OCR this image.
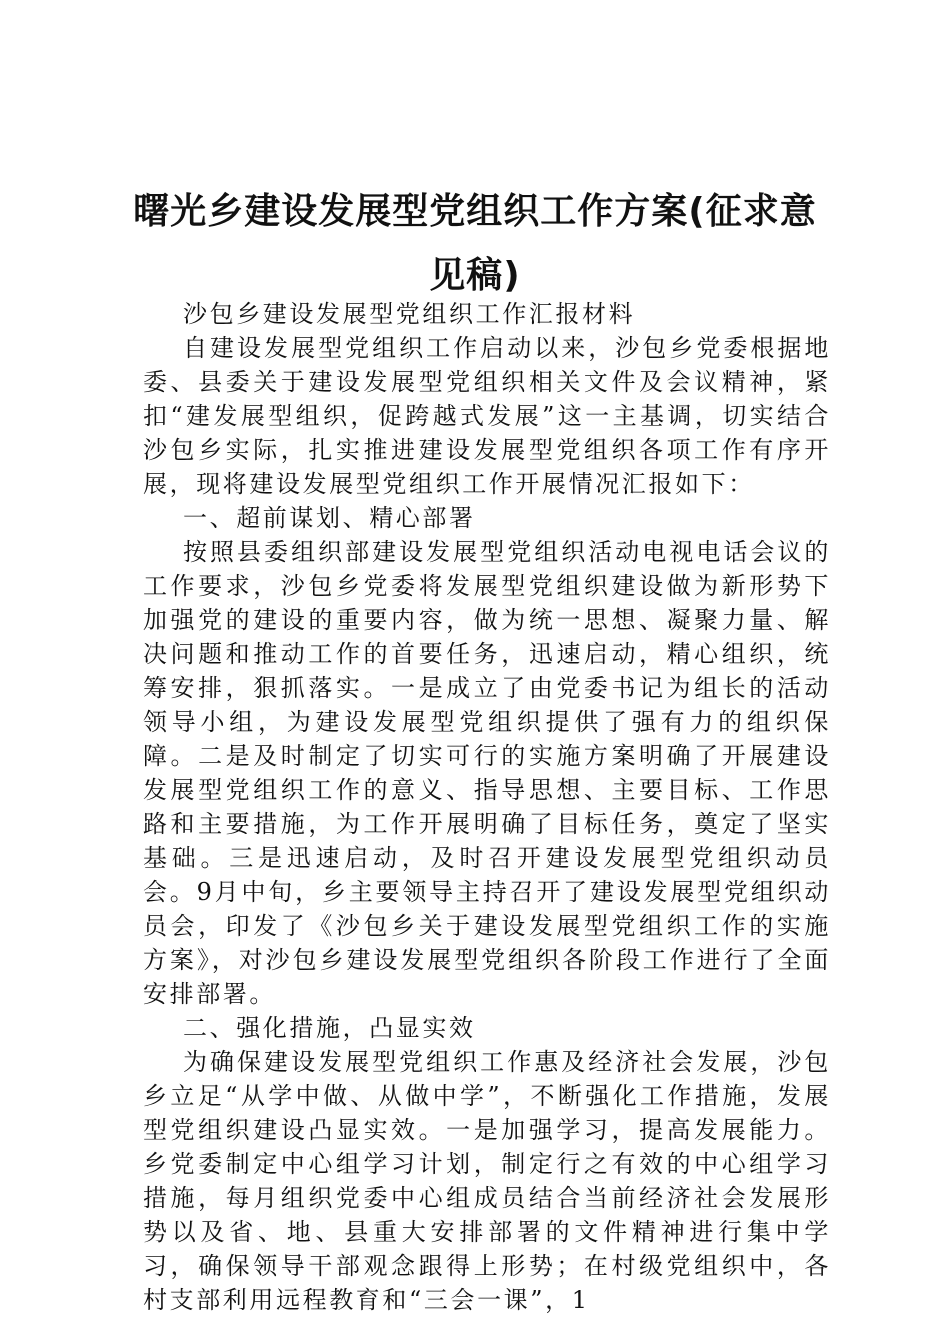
曙光乡建设发展型党组织工作方案(征求意见稿)

沙包乡建设发展型党组织工作汇报材料

自建设发展型党组织工作启动以来，沙包乡党委根据地委、县委关于建设发展型党组织相关文件及会议精神，紧扣“建发展型组织，促跨越式发展”这一主基调，切实结合沙包乡实际，扎实推进建设发展型党组织各项工作有序开展，现将建设发展型党组织工作开展情况汇报如下：

一、超前谋划、精心部署

按照县委组织部建设发展型党组织活动电视电话会议的工作要求，沙包乡党委将发展型党组织建设做为新形势下加强党的建设的重要内容，做为统一思想、凝聚力量、解决问题和推动工作的首要任务，迅速启动，精心组织，统筹安排，狠抓落实。一是成立了由党委书记为组长的活动领导小组，为建设发展型党组织提供了强有力的组织保障。二是及时制定了切实可行的实施方案明确了开展建设发展型党组织工作的意义、指导思想、主要目标、工作思路和主要措施，为工作开展明确了目标任务，奠定了坚实基础。三是迅速启动，及时召开建设发展型党组织动员会。9月中旬，乡主要领导主持召开了建设发展型党组织动员会，印发了《沙包乡关于建设发展型党组织工作的实施方案》，对沙包乡建设发展型党组织各阶段工作进行了全面安排部署。

二、强化措施，凸显实效

为确保建设发展型党组织工作惠及经济社会发展，沙包乡立足“从学中做、从做中学”，不断强化工作措施，发展型党组织建设凸显实效。一是加强学习，提高发展能力。乡党委制定中心组学习计划，制定行之有效的中心组学习措施，每月组织党委中心组成员结合当前经济社会发展形势以及省、地、县重大安排部署的文件精神进行集中学习，确保领导干部观念跟得上形势；在村级党组织中，各村支部利用远程教育和“三会一课”，1
